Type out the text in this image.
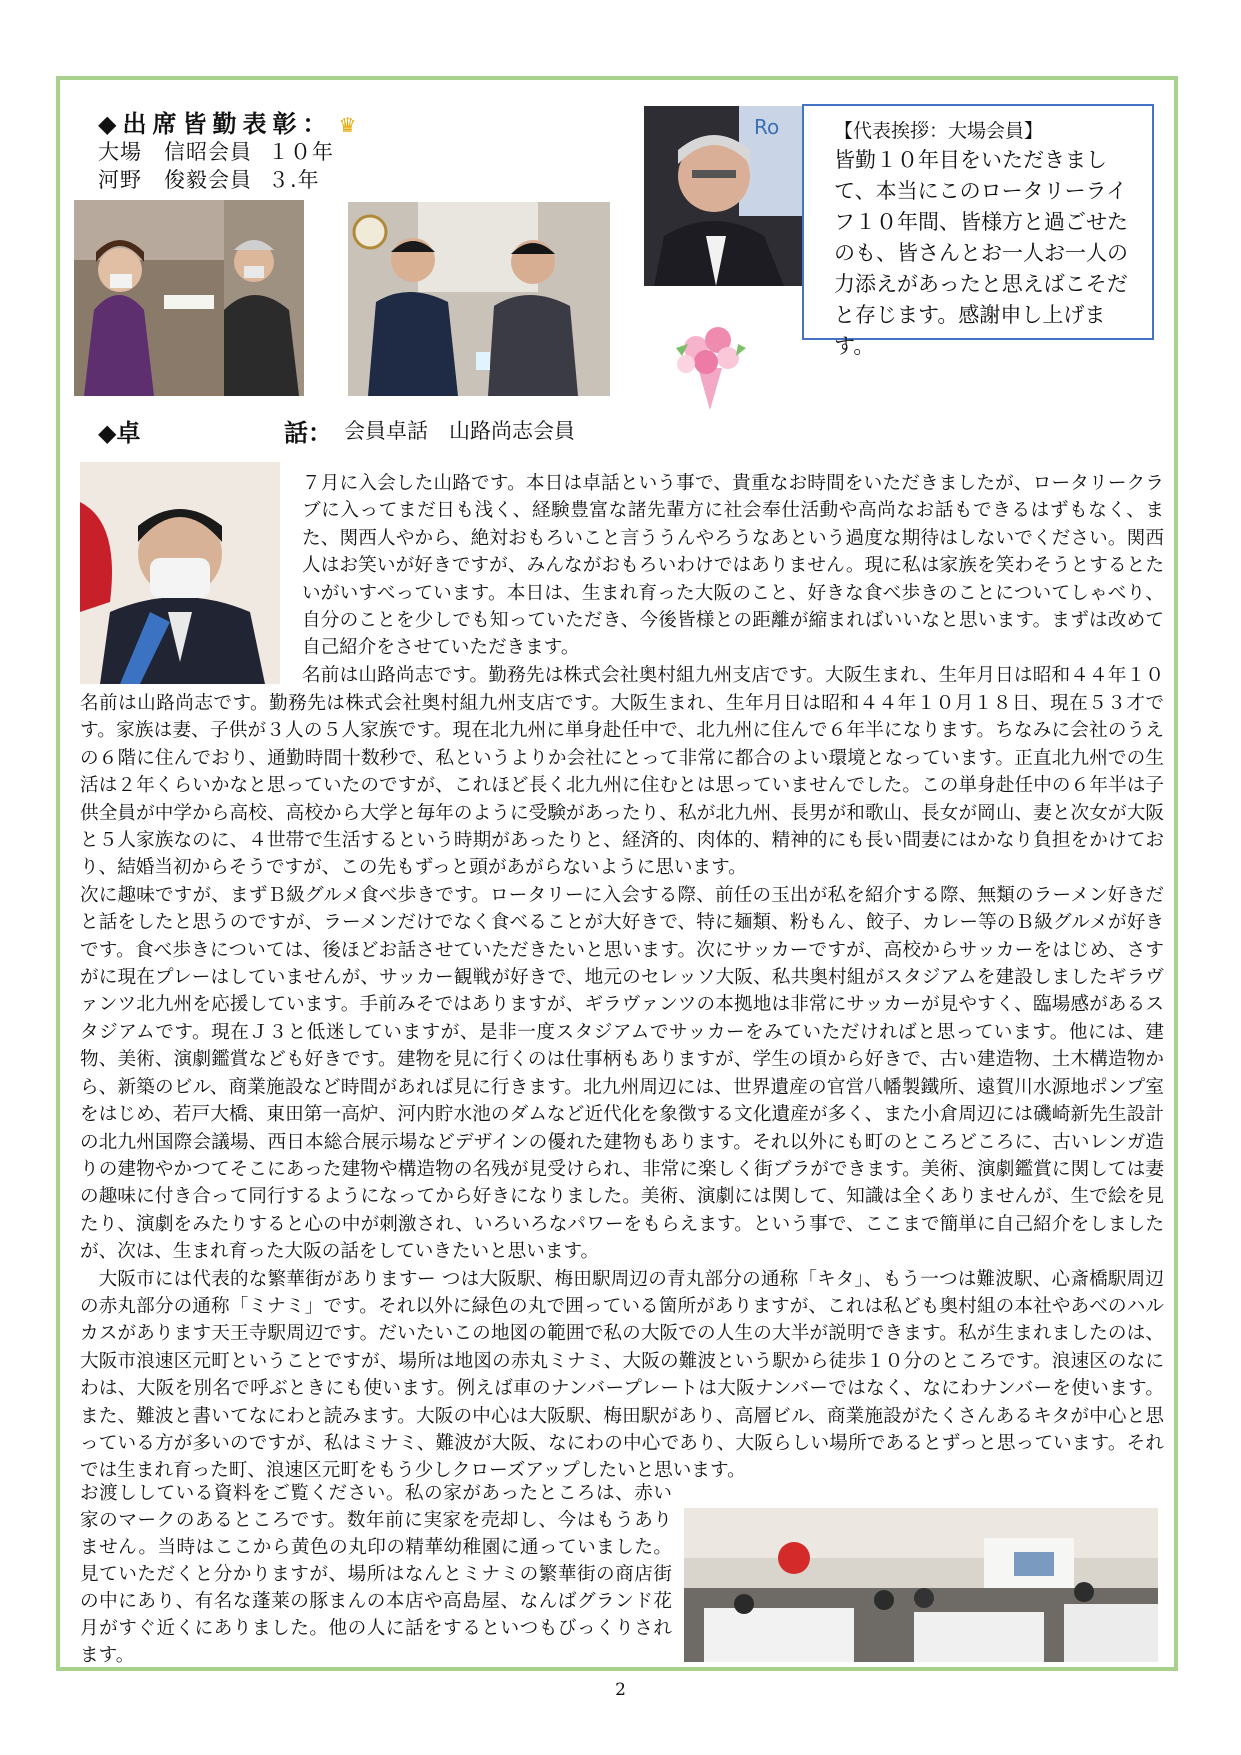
◆出席皆勤表彰： ♛
大場　信昭会員 １０年
河野　俊毅会員 ３.年
Ro	【代表挨拶：大場会員】
皆勤１０年目をいただきまして、本当にこのロータリーライフ１０年間、皆様方と過ごせたのも、皆さんとお一人お一人の力添えがあったと思えばこそだと存じます。感謝申し上げます。
◆卓	話： 会員卓話　山路尚志会員

７月に入会した山路です。本日は卓話という事で、貴重なお時間をいただきましたが、ロータリークラブに入ってまだ日も浅く、経験豊富な諸先輩方に社会奉仕活動や高尚なお話もできるはずもなく、また、関西人やから、絶対おもろいこと言ううんやろうなあという過度な期待はしないでください。関西人はお笑いが好きですが、みんながおもろいわけではありません。現に私は家族を笑わそうとするとたいがいすべっています。本日は、生まれ育った大阪のこと、好きな食べ歩きのことについてしゃべり、自分のことを少しでも知っていただき、今後皆様との距離が縮まればいいなと思います。まずは改めて自己紹介をさせていただきます。

名前は山路尚志です。勤務先は株式会社奥村組九州支店です。大阪生まれ、生年月日は昭和４４年１０

名前は山路尚志です。勤務先は株式会社奥村組九州支店です。大阪生まれ、生年月日は昭和４４年１０月１８日、現在５３才です。家族は妻、子供が３人の５人家族です。現在北九州に単身赴任中で、北九州に住んで６年半になります。ちなみに会社のうえの６階に住んでおり、通勤時間十数秒で、私というよりか会社にとって非常に都合のよい環境となっています。正直北九州での生活は２年くらいかなと思っていたのですが、これほど長く北九州に住むとは思っていませんでした。この単身赴任中の６年半は子供全員が中学から高校、高校から大学と毎年のように受験があったり、私が北九州、長男が和歌山、長女が岡山、妻と次女が大阪と５人家族なのに、４世帯で生活するという時期があったりと、経済的、肉体的、精神的にも長い間妻にはかなり負担をかけており、結婚当初からそうですが、この先もずっと頭があがらないように思います。

次に趣味ですが、まずＢ級グルメ食べ歩きです。ロータリーに入会する際、前任の玉出が私を紹介する際、無類のラーメン好きだと話をしたと思うのですが、ラーメンだけでなく食べることが大好きで、特に麺類、粉もん、餃子、カレー等のＢ級グルメが好きです。食べ歩きについては、後ほどお話させていただきたいと思います。次にサッカーですが、高校からサッカーをはじめ、さすがに現在プレーはしていませんが、サッカー観戦が好きで、地元のセレッソ大阪、私共奥村組がスタジアムを建設しましたギラヴァンツ北九州を応援しています。手前みそではありますが、ギラヴァンツの本拠地は非常にサッカーが見やすく、臨場感があるスタジアムです。現在Ｊ３と低迷していますが、是非一度スタジアムでサッカーをみていただければと思っています。他には、建物、美術、演劇鑑賞なども好きです。建物を見に行くのは仕事柄もありますが、学生の頃から好きで、古い建造物、土木構造物から、新築のビル、商業施設など時間があれば見に行きます。北九州周辺には、世界遺産の官営八幡製鐵所、遠賀川水源地ポンプ室をはじめ、若戸大橋、東田第一高炉、河内貯水池のダムなど近代化を象徴する文化遺産が多く、また小倉周辺には磯崎新先生設計の北九州国際会議場、西日本総合展示場などデザインの優れた建物もあります。それ以外にも町のところどころに、古いレンガ造りの建物やかつてそこにあった建物や構造物の名残が見受けられ、非常に楽しく街ブラができます。美術、演劇鑑賞に関しては妻の趣味に付き合って同行するようになってから好きになりました。美術、演劇には関して、知識は全くありませんが、生で絵を見たり、演劇をみたりすると心の中が刺激され、いろいろなパワーをもらえます。という事で、ここまで簡単に自己紹介をしましたが、次は、生まれ育った大阪の話をしていきたいと思います。

大阪市には代表的な繁華街がありますー つは大阪駅、梅田駅周辺の青丸部分の通称「キタ」、もう一つは難波駅、心斎橋駅周辺の赤丸部分の通称「ミナミ」です。それ以外に緑色の丸で囲っている箇所がありますが、これは私ども奥村組の本社やあべのハルカスがあります天王寺駅周辺です。だいたいこの地図の範囲で私の大阪での人生の大半が説明できます。私が生まれましたのは、大阪市浪速区元町ということですが、場所は地図の赤丸ミナミ、大阪の難波という駅から徒歩１０分のところです。浪速区のなにわは、大阪を別名で呼ぶときにも使います。例えば車のナンバープレートは大阪ナンバーではなく、なにわナンバーを使います。また、難波と書いてなにわと読みます。大阪の中心は大阪駅、梅田駅があり、高層ビル、商業施設がたくさんあるキタが中心と思っている方が多いのですが、私はミナミ、難波が大阪、なにわの中心であり、大阪らしい場所であるとずっと思っています。それでは生まれ育った町、浪速区元町をもう少しクローズアップしたいと思います。

お渡ししている資料をご覧ください。私の家があったところは、赤い家のマークのあるところです。数年前に実家を売却し、今はもうありません。当時はここから黄色の丸印の精華幼稚園に通っていました。見ていただくと分かりますが、場所はなんとミナミの繁華街の商店街の中にあり、有名な蓬莱の豚まんの本店や高島屋、なんばグランド花月がすぐ近くにありました。他の人に話をするといつもびっくりされます。

2
